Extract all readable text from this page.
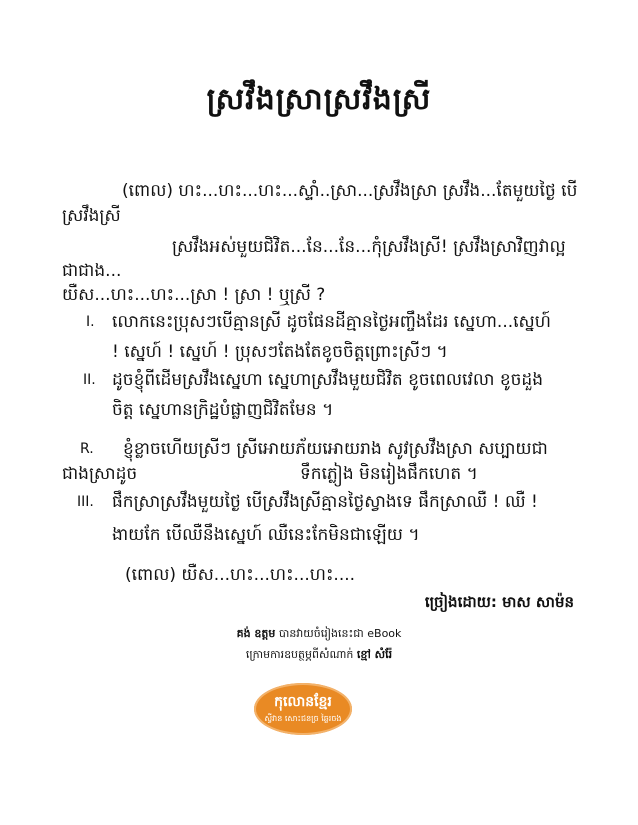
ស្រវឹងស្រាស្រវឹងស្រី
(ពោល) ហះ...ហះ...ហះ...ស្ទាំ..ស្រា...ស្រវឹងស្រា ស្រវឹង...តែមួយថ្ងៃ បើ
ស្រវឹងស្រី
ស្រវឹងអស់មួយជិវិត...នែ...នែ...កុំស្រវឹងស្រី! ស្រវឹងស្រាវិញវាល្អ
ជាជាង...
យឺស...ហះ...ហះ...ស្រា ! ស្រា ! ឬស្រី ?
I. លោកនេះប្រុសៗបើគ្មានស្រី ដូចផែនដីគ្មានថ្ងៃអញ្ចឹងដែរ ស្នេហា...ស្នេហ៍
! ស្នេហ៍ ! ស្នេហ៍ ! ប្រុសៗតែងតែខូចចិត្តព្រោះស្រីៗ ។
II. ដូចខ្ញុំពីដើមស្រវឹងស្នេហា ស្នេហាស្រវឹងមួយជិវិត ខូចពេលវេលា ខូចដួង
ចិត្ត ស្នេហានក្រិដ្ឋបំផ្លាញជិវិតមែន ។
R. ខ្ញុំខ្លាចហើយស្រីៗ ស្រីអោយភ័យអោយរាង សូវស្រវឹងស្រា សប្បាយជា
ជាងស្រាដូច	ទឹកភ្លៀង មិនរៀងផឹកហេត ។
III. ផឹកស្រាស្រវឹងមួយថ្ងៃ បើស្រវឹងស្រីគ្មានថ្ងៃស្វាងទេ ផឹកស្រាឈឺ ! ឈឺ !
ងាយកែ បើឈឺនឹងស្នេហ៍ ឈឺនេះកែមិនជាឡើយ ។
(ពោល) យឺស...ហះ...ហះ...ហះ....
ច្រៀងដោយ: មាស សាម៉ន
គង់ ឧត្តម បានវាយចំរៀងនេះជា eBook
ក្រោមការឧបត្ថម្ភពីសំណាក់ ខ្មៅ សំរ៉ែ
កុលោនខ្មែរ
ស្វីវាន សោះជនច្រ ឆ្លៃរចង
